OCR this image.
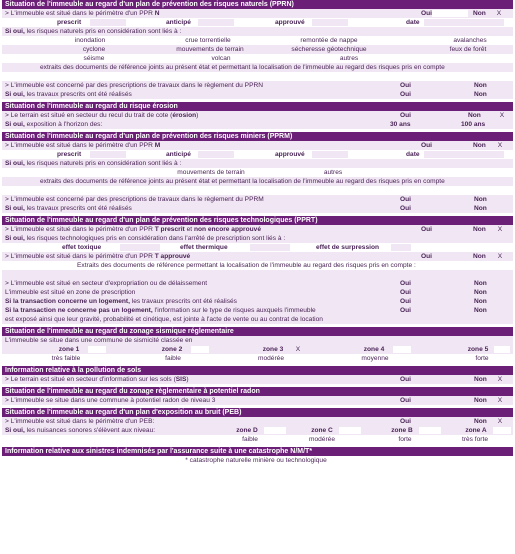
Situation de l'immeuble au regard d'un plan de prévention des risques naturels (PPRN)
> L'immeuble est situé dans le périmètre d'un PPR N	Oui	Non	X
prescrit	anticipé	approuvé	date
Si oui, les risques naturels pris en considération sont liés à :
inondation	crue torrentielle	remontée de nappe	avalanches
cyclone	mouvements de terrain	sécheresse géotechnique	feux de forêt
séisme	volcan	autres
extraits des documents de référence joints au présent état et permettant la localisation de l'immeuble au regard des risques pris en compte
> L'immeuble est concerné par des prescriptions de travaux dans le règlement du PPRN	Oui	Non
Si oui, les travaux prescrits ont été réalisés	Oui	Non
Situation de l'immeuble au regard du risque érosion
> Le terrain est situé en secteur du recul du trait de cote (érosion)	Oui	Non	X
Si oui, exposition à l'horizon des:	30 ans	100 ans
Situation de l'immeuble au regard d'un plan de prévention des risques miniers (PPRM)
> L'immeuble est situé dans le périmètre d'un PPR M	Oui	Non	X
prescrit	anticipé	approuvé	date
Si oui, les risques naturels pris en considération sont liés à :
mouvements de terrain	autres
extraits des documents de référence joints au présent état et permettant la localisation de l'immeuble au regard des risques pris en compte
> L'immeuble est concerné par des prescriptions de travaux dans le règlement du PPRM	Oui	Non
Si oui, les travaux prescrits ont été réalisés	Oui	Non
Situation de l'immeuble au regard d'un plan de prévention des risques technologiques (PPRT)
> L'immeuble est situé dans le périmètre d'un PPR T prescrit et non encore approuvé	Oui	Non	X
Si oui, les risques technologiques pris en considération dans l'arrêté de prescription sont liés à :
effet toxique	effet thermique	effet de surpression
> L'immeuble est situé dans le périmètre d'un PPR T approuvé	Oui	Non	X
Extraits des documents de référence permettant la localisation de l'immeuble au regard des risques pris en compte :
> L'immeuble est situé en secteur d'expropriation ou de délaissement	Oui	Non
L'immeuble est situé en zone de prescription	Oui	Non
Si la transaction concerne un logement, les travaux prescrits ont été réalisés	Oui	Non
Si la transaction ne concerne pas un logement, l'information sur le type de risques auxquels l'immeuble	Oui	Non
est exposé ainsi que leur gravité, probabilité et cinétique, est jointe à l'acte de vente ou au contrat de location
Situation de l'immeuble au regard du zonage sismique réglementaire
L'immeuble se situe dans une commune de sismicité classée en
zone 1	zone 2	zone 3	X	zone 4	zone 5
très faible	faible	modérée	moyenne	forte
Information relative à la pollution de sols
> Le terrain est situé en secteur d'information sur les sols (SIS)	Oui	Non	X
Situation de l'immeuble au regard du zonage règlementaire à potentiel radon
> L'immeuble se situe dans une commune à potentiel radon de niveau 3	Oui	Non	X
Situation de l'immeuble au regard d'un plan d'exposition au bruit (PEB)
> L'immeuble est situé dans le périmètre d'un PEB:	Oui	Non	X
Si oui, les nuisances sonores s'élèvent aux niveau:	zone D	zone C	zone B	zone A
faible	modérée	forte	très forte
Information relative aux sinistres indemnisés par l'assurance suite à une catastrophe N/M/T*
* catastrophe naturelle minière ou technologique
